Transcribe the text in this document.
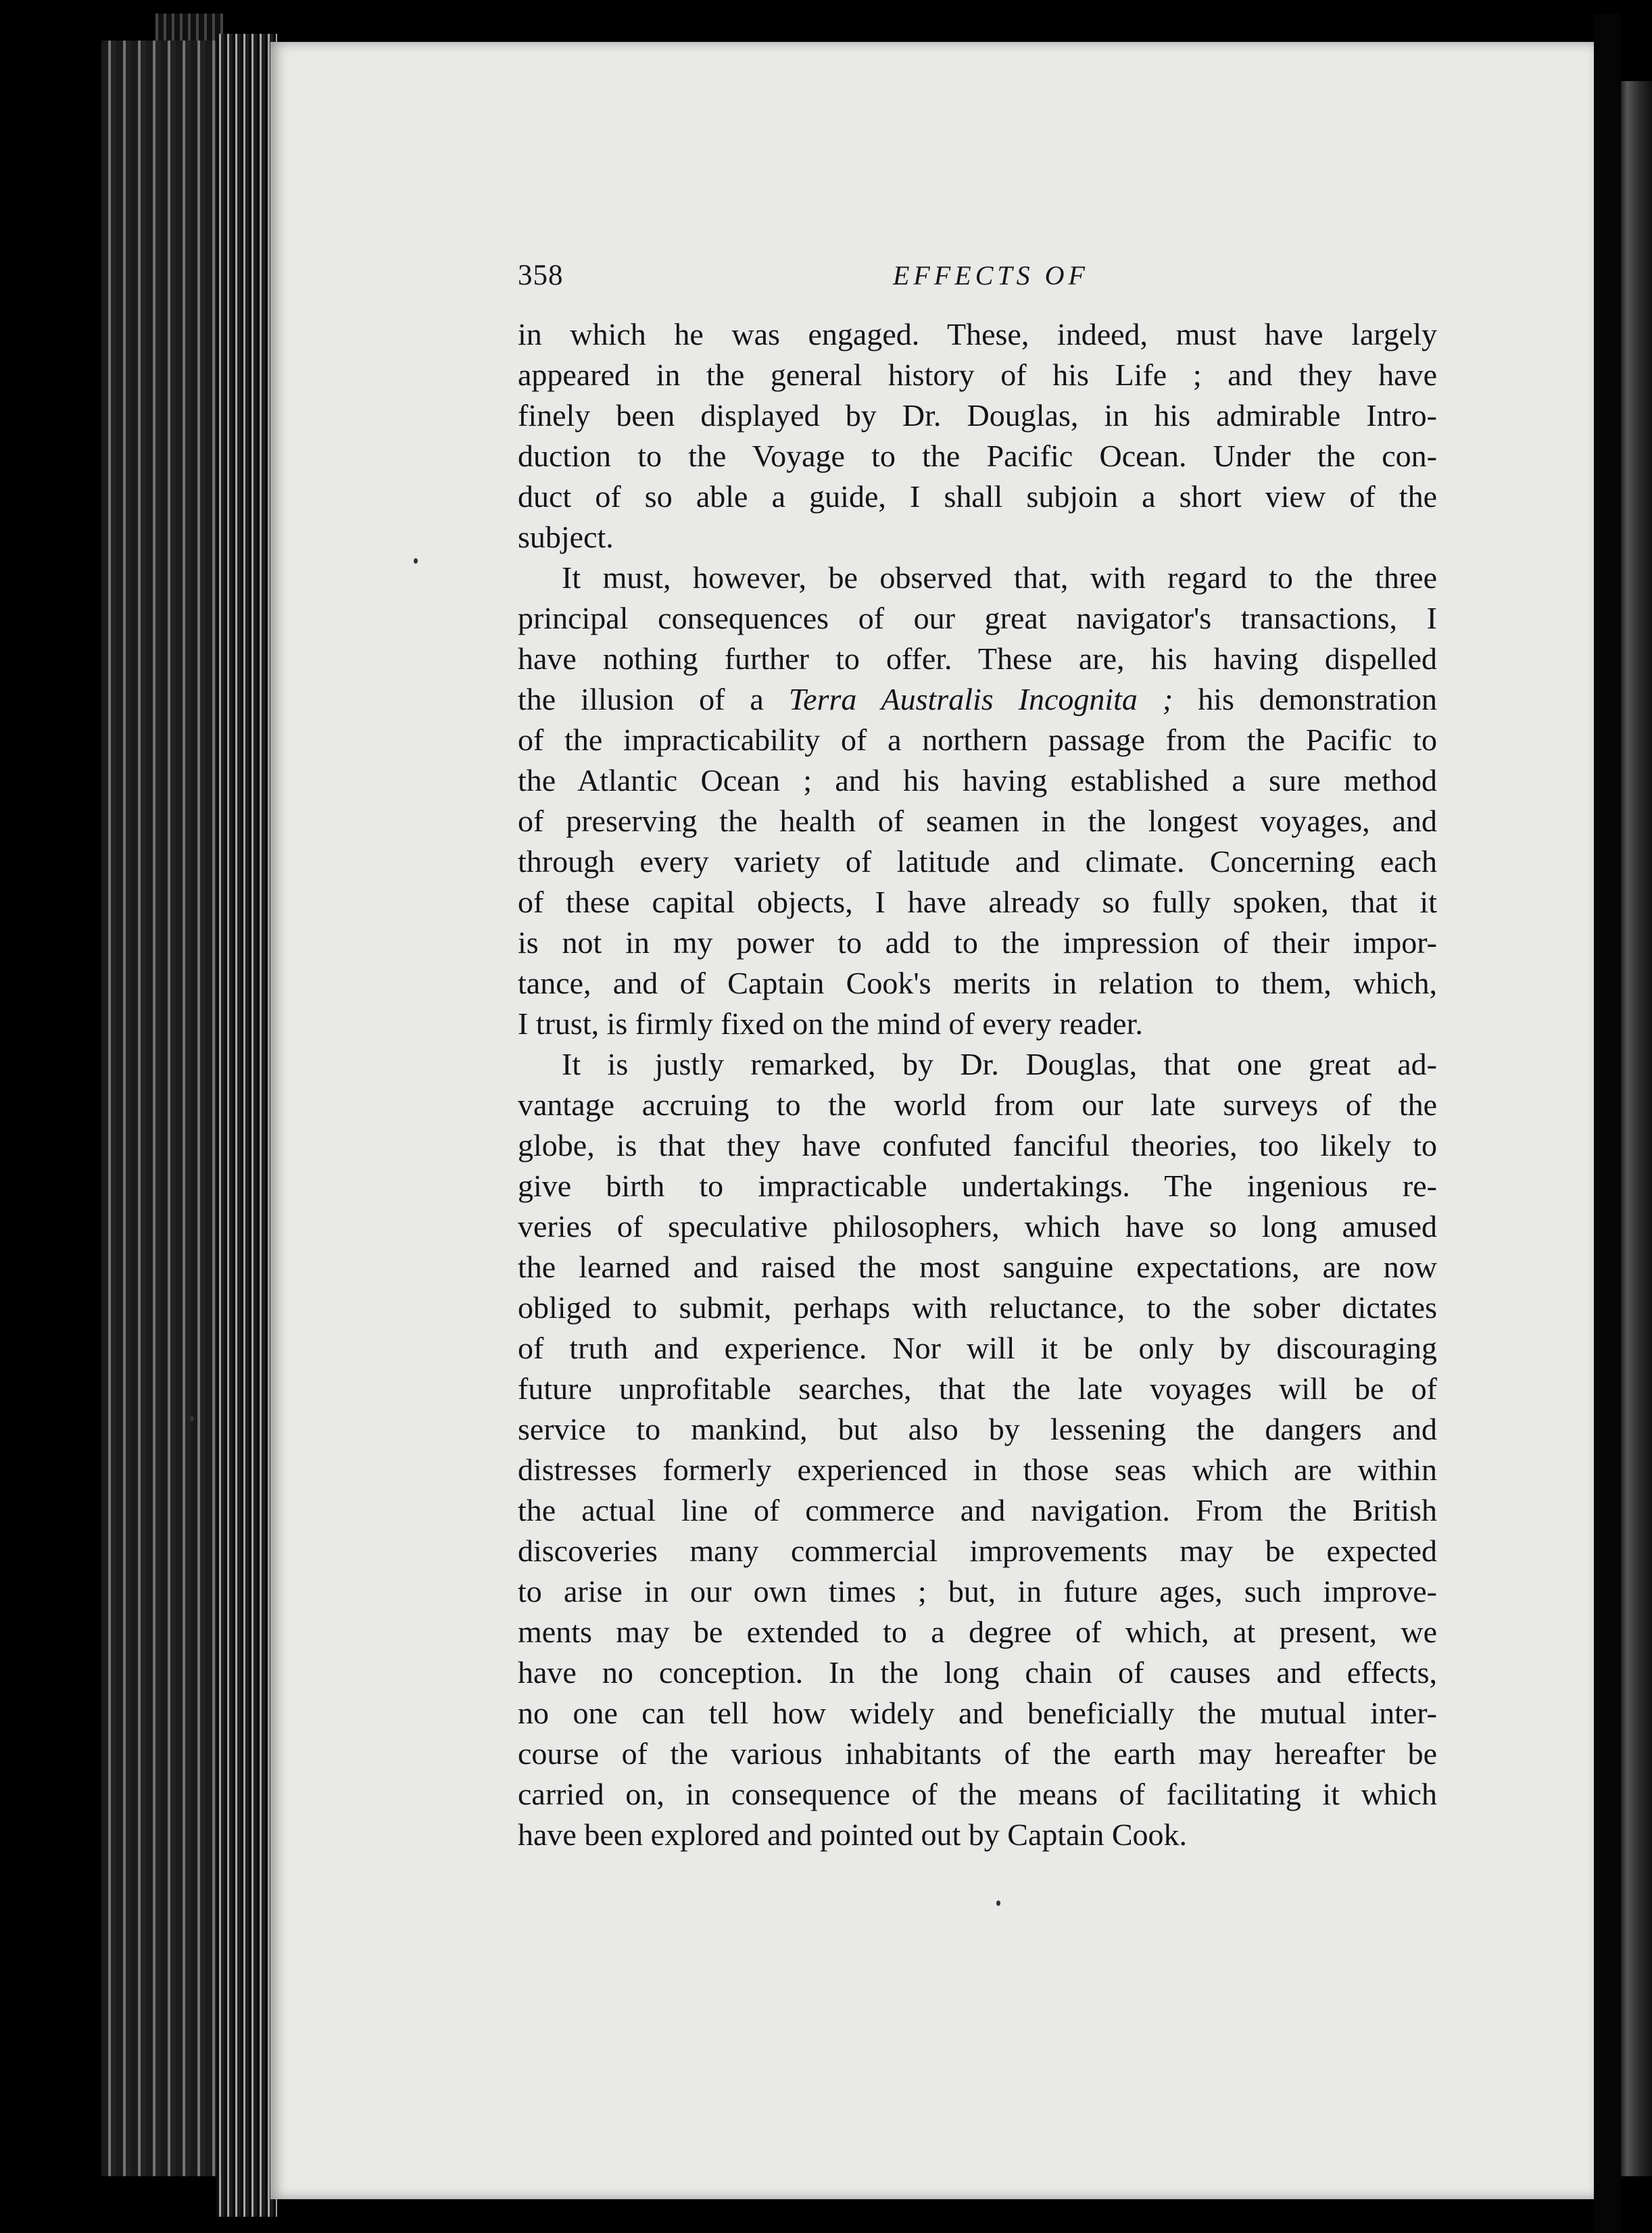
358	EFFECTS OF
in which he was engaged. These, indeed, must have largely
appeared in the general history of his Life ; and they have
finely been displayed by Dr. Douglas, in his admirable Intro-
duction to the Voyage to the Pacific Ocean. Under the con-
duct of so able a guide, I shall subjoin a short view of the
subject.
It must, however, be observed that, with regard to the three
principal consequences of our great navigator's transactions, I
have nothing further to offer. These are, his having dispelled
the illusion of a Terra Australis Incognita ; his demonstration
of the impracticability of a northern passage from the Pacific to
the Atlantic Ocean ; and his having established a sure method
of preserving the health of seamen in the longest voyages, and
through every variety of latitude and climate. Concerning each
of these capital objects, I have already so fully spoken, that it
is not in my power to add to the impression of their impor-
tance, and of Captain Cook's merits in relation to them, which,
I trust, is firmly fixed on the mind of every reader.
It is justly remarked, by Dr. Douglas, that one great ad-
vantage accruing to the world from our late surveys of the
globe, is that they have confuted fanciful theories, too likely to
give birth to impracticable undertakings. The ingenious re-
veries of speculative philosophers, which have so long amused
the learned and raised the most sanguine expectations, are now
obliged to submit, perhaps with reluctance, to the sober dictates
of truth and experience. Nor will it be only by discouraging
future unprofitable searches, that the late voyages will be of
service to mankind, but also by lessening the dangers and
distresses formerly experienced in those seas which are within
the actual line of commerce and navigation. From the British
discoveries many commercial improvements may be expected
to arise in our own times ; but, in future ages, such improve-
ments may be extended to a degree of which, at present, we
have no conception. In the long chain of causes and effects,
no one can tell how widely and beneficially the mutual inter-
course of the various inhabitants of the earth may hereafter be
carried on, in consequence of the means of facilitating it which
have been explored and pointed out by Captain Cook.
